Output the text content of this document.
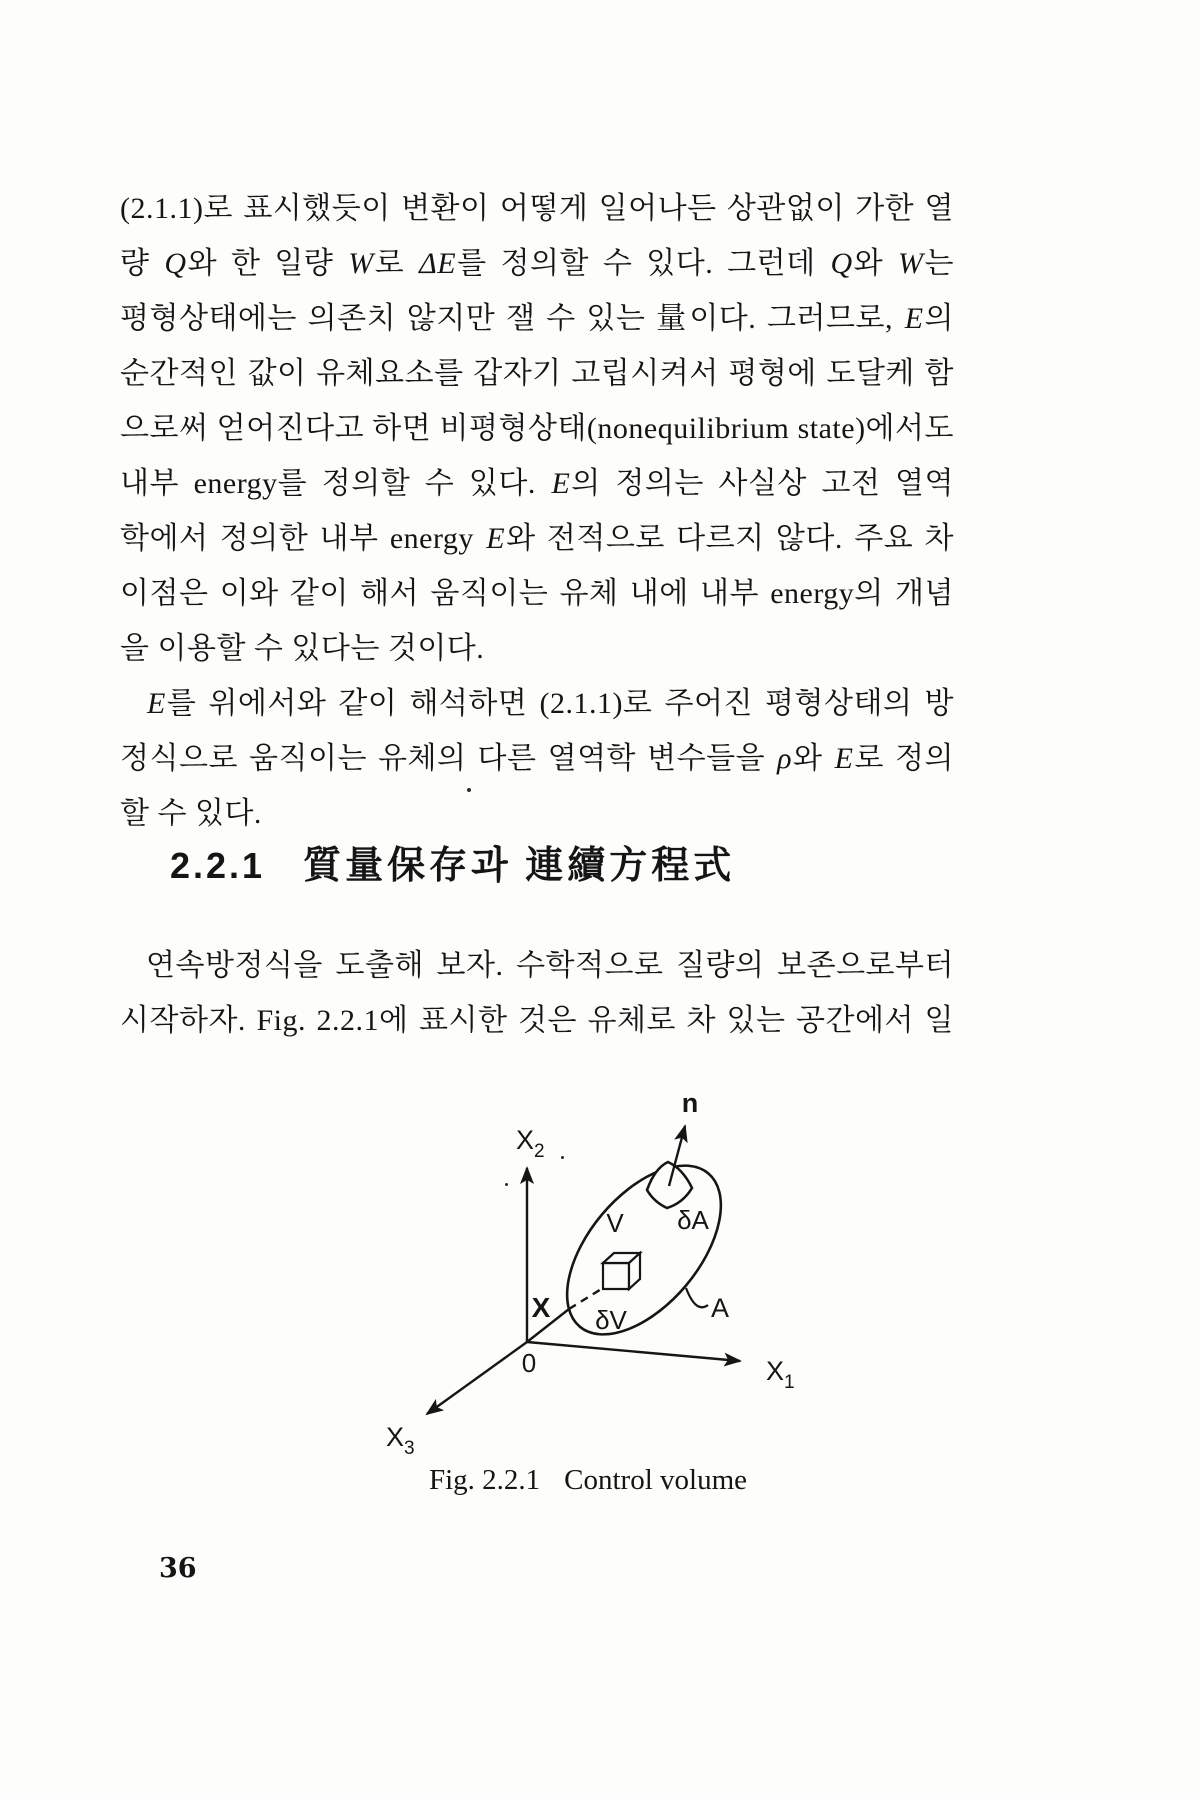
(2.1.1)로 표시했듯이 변환이 어떻게 일어나든 상관없이 가한 열
량 Q와 한 일량 W로 ΔE를 정의할 수 있다. 그런데 Q와 W는
평형상태에는 의존치 않지만 잴 수 있는 量이다. 그러므로, E의
순간적인 값이 유체요소를 갑자기 고립시켜서 평형에 도달케 함
으로써 얻어진다고 하면 비평형상태(nonequilibrium state)에서도
내부 energy를 정의할 수 있다. E의 정의는 사실상 고전 열역
학에서 정의한 내부 energy E와 전적으로 다르지 않다. 주요 차
이점은 이와 같이 해서 움직이는 유체 내에 내부 energy의 개념
을 이용할 수 있다는 것이다.
E를 위에서와 같이 해석하면 (2.1.1)로 주어진 평형상태의 방
정식으로 움직이는 유체의 다른 열역학 변수들을 ρ와 E로 정의
할 수 있다.
2.2.1 質量保存과 連續方程式
연속방정식을 도출해 보자. 수학적으로 질량의 보존으로부터
시작하자. Fig. 2.2.1에 표시한 것은 유체로 차 있는 공간에서 일
$X_2$
$X_1$
$X_3$
0
n
V δA
δV
X	A
Fig. 2.2.1 Control volume
36
